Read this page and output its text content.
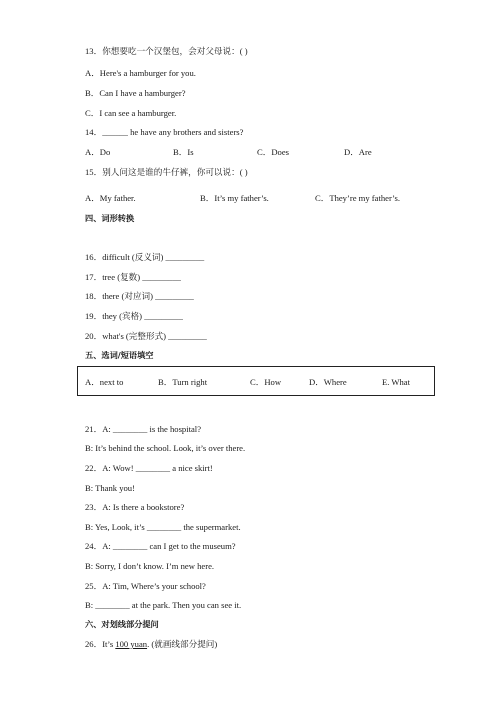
13．你想要吃一个汉堡包，会对父母说：( )
A．Here's a hamburger for you.
B．Can I have a hamburger?
C．I can see a hamburger.
14．______ he have any brothers and sisters?
A．Do	B．Is	C．Does	D．Are
15．别人问这是谁的牛仔裤，你可以说：( )
A．My father.	B．It’s my father’s.	C．They’re my father’s.
四、词形转换
16．difficult (反义词) _________
17．tree (复数) _________
18．there (对应词) _________
19．they (宾格) _________
20．what's (完整形式) _________
五、选词/短语填空
A．next to	B．Turn right	C．How	D．Where	E. What
21．A: ________ is the hospital?
B: It’s behind the school. Look, it’s over there.
22．A: Wow! ________ a nice skirt!
B: Thank you!
23．A: Is there a bookstore?
B: Yes, Look, it’s ________ the supermarket.
24．A: ________ can I get to the museum?
B: Sorry, I don’t know. I’m new here.
25．A: Tim, Where’s your school?
B: ________ at the park. Then you can see it.
六、对划线部分提问
26．It’s 100 yuan. (就画线部分提问)
